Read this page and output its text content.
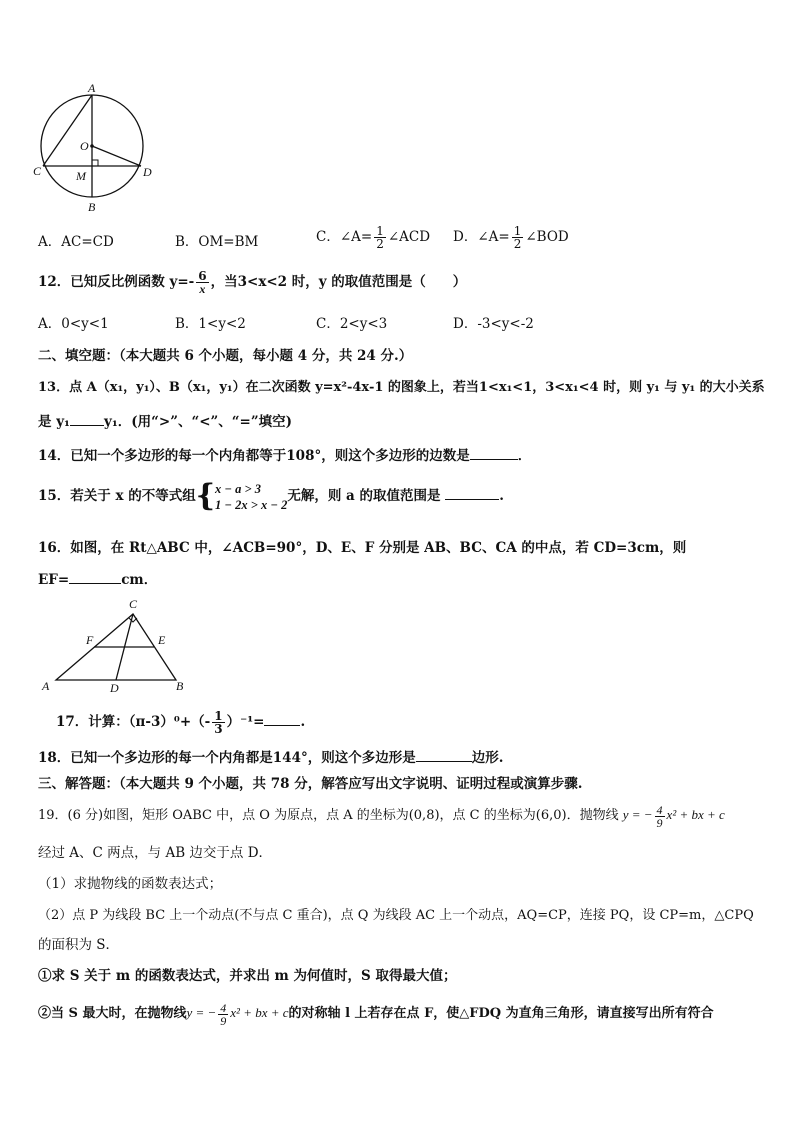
A
O
C	M	D
B
A．AC=CD	B．OM=BM	C．∠A= $\frac{1}{2}$ ∠ACD D．∠A= $\frac{1}{2}$ ∠BOD
12．已知反比例函数 $y=- \frac{6}{x}$ ，当3<x<2 时，y 的取值范围是（　　）
A．0<y<1	B．1<y<2	C．2<y<3	D．-3<y<-2
二、填空题：（本大题共 6 个小题，每小题 4 分，共 24 分.）
13．点 A（x₁，y₁）、B（x₁，y₁）在二次函数 y=x²-4x-1 的图象上，若当1<x₁<1，3<x₁<4 时，则 y₁ 与 y₁ 的大小关系
是 y₁	y₁．(用“>”、“<”、“=”填空)
14．已知一个多边形的每一个内角都等于108°，则这个多边形的边数是	．
15．若关于 x 的不等式组{ x − a > 3
1 − 2x > x − 2
无解，则 a 的取值范围是	.
16．如图，在 Rt△ABC 中，∠ACB=90°，D、E、F 分别是 AB、BC、CA 的中点，若 CD=3cm，则
EF=	cm．
C
F	E
A	D	B
17．计算：$(\pi-3)^0+(- \frac{1}{3} )^{-1}=$	.
18．已知一个多边形的每一个内角都是144°，则这个多边形是	边形.
三、解答题：（本大题共 9 个小题，共 78 分，解答应写出文字说明、证明过程或演算步骤.
19．(6 分)如图，矩形 OABC 中，点 O 为原点，点 A 的坐标为(0,8)，点 C 的坐标为(6,0)．抛物线 y = − $\frac{4}{9} x^2$ + bx + c
经过 A、C 两点，与 AB 边交于点 D．
（1）求抛物线的函数表达式；
（2）点 P 为线段 BC 上一个动点(不与点 C 重合)，点 Q 为线段 AC 上一个动点，AQ=CP，连接 PQ，设 CP=m，△CPQ
的面积为 S．
①求 S 关于 m 的函数表达式，并求出 m 为何值时，S 取得最大值；
②当 S 最大时，在抛物线y = − $\frac{4}{9} x^2$ + bx + c的对称轴 l 上若存在点 F，使△FDQ 为直角三角形，请直接写出所有符合
